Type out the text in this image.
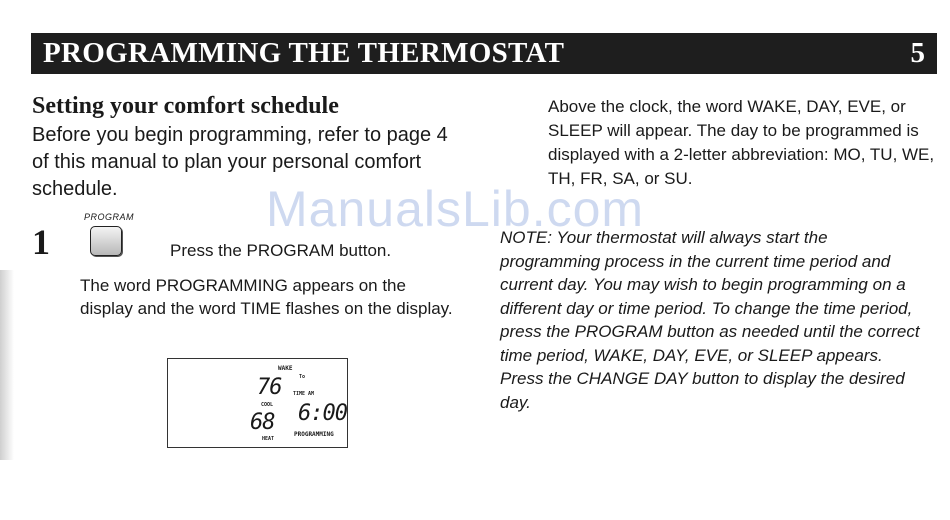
PROGRAMMING THE THERMOSTAT	5
Setting your comfort schedule

Before you begin programming, refer to page 4 of this manual to plan your personal comfort schedule.

PROGRAM
1	Press the PROGRAM button.

The word PROGRAMMING appears on the display and the word TIME flashes on the display.

WAKE
To
76
COOL
TIME AM
68 6:00
HEAT
PROGRAMMING

Above the clock, the word WAKE, DAY, EVE, or SLEEP will appear. The day to be programmed is displayed with a 2-letter abbreviation: MO, TU, WE, TH, FR, SA, or SU.

NOTE: Your thermostat will always start the programming process in the current time period and current day. You may wish to begin programming on a different day or time period. To change the time period, press the PROGRAM button as needed until the correct time period, WAKE, DAY, EVE, or SLEEP appears. Press the CHANGE DAY button to display the desired day.

ManualsLib.com
